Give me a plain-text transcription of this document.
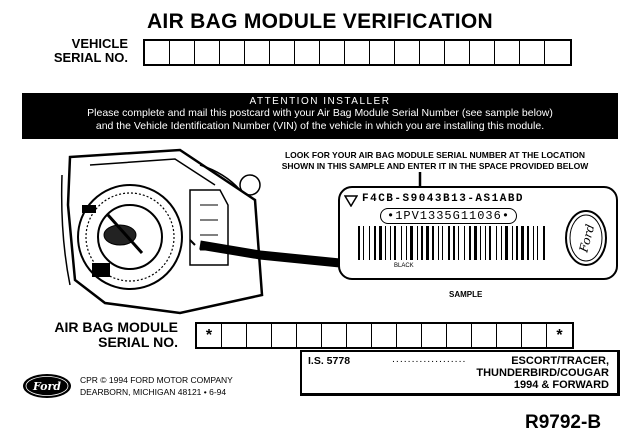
AIR BAG MODULE VERIFICATION
VEHICLE
SERIAL NO.
ATTENTION INSTALLER
Please complete and mail this postcard with your Air Bag Module Serial Number (see sample below)
and the Vehicle Identification Number (VIN) of the vehicle in which you are installing this module.
LOOK FOR YOUR AIR BAG MODULE SERIAL NUMBER AT THE LOCATION
SHOWN IN THIS SAMPLE AND ENTER IT IN THE SPACE PROVIDED BELOW
F4CB-S9043B13-AS1ABD
•1PV1335G11036•
BLACK
Ford
SAMPLE
AIR BAG MODULE
SERIAL NO.	*	*
I.S. 5778	...................	ESCORT/TRACER,
THUNDERBIRD/COUGAR
1994 & FORWARD
Ford CPR © 1994 FORD MOTOR COMPANY
DEARBORN, MICHIGAN 48121 • 6-94
R9792-B
